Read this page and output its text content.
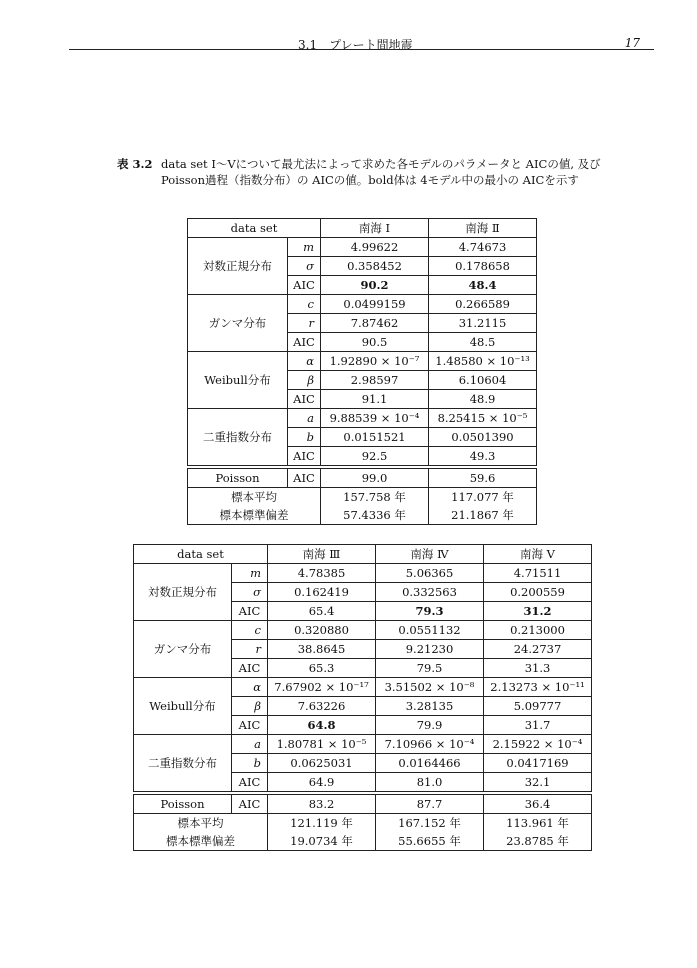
3.1　プレート間地震	17
表 3.2 data set I〜Vについて最尤法によって求めた各モデルのパラメータと AICの値, 及び Poisson過程（指数分布）の AICの値。bold体は 4モデル中の最小の AICを示す
data set		南海 I	南海 Ⅱ
対数正規分布	m	4.99622	4.74673
	σ	0.358452	0.178658
	AIC	90.2	48.4
ガンマ分布	c	0.0499159	0.266589
	r	7.87462	31.2115
	AIC	90.5	48.5
Weibull分布	α	1.92890 × 10⁻⁷	1.48580 × 10⁻¹³
	β	2.98597	6.10604
	AIC	91.1	48.9
二重指数分布	a	9.88539 × 10⁻⁴	8.25415 × 10⁻⁵
	b	0.0151521	0.0501390
	AIC	92.5	49.3

Poisson	AIC	99.0	59.6
標本平均		157.758 年	117.077 年
標本標準偏差		57.4336 年	21.1867 年
data set		南海 Ⅲ	南海 Ⅳ	南海 V
対数正規分布	m	4.78385	5.06365	4.71511
	σ	0.162419	0.332563	0.200559
	AIC	65.4	79.3	31.2
ガンマ分布	c	0.320880	0.0551132	0.213000
	r	38.8645	9.21230	24.2737
	AIC	65.3	79.5	31.3
Weibull分布	α	7.67902 × 10⁻¹⁷	3.51502 × 10⁻⁸	2.13273 × 10⁻¹¹
	β	7.63226	3.28135	5.09777
	AIC	64.8	79.9	31.7
二重指数分布	a	1.80781 × 10⁻⁵	7.10966 × 10⁻⁴	2.15922 × 10⁻⁴
	b	0.0625031	0.0164466	0.0417169
	AIC	64.9	81.0	32.1

Poisson	AIC	83.2	87.7	36.4
標本平均		121.119 年	167.152 年	113.961 年
標本標準偏差		19.0734 年	55.6655 年	23.8785 年
